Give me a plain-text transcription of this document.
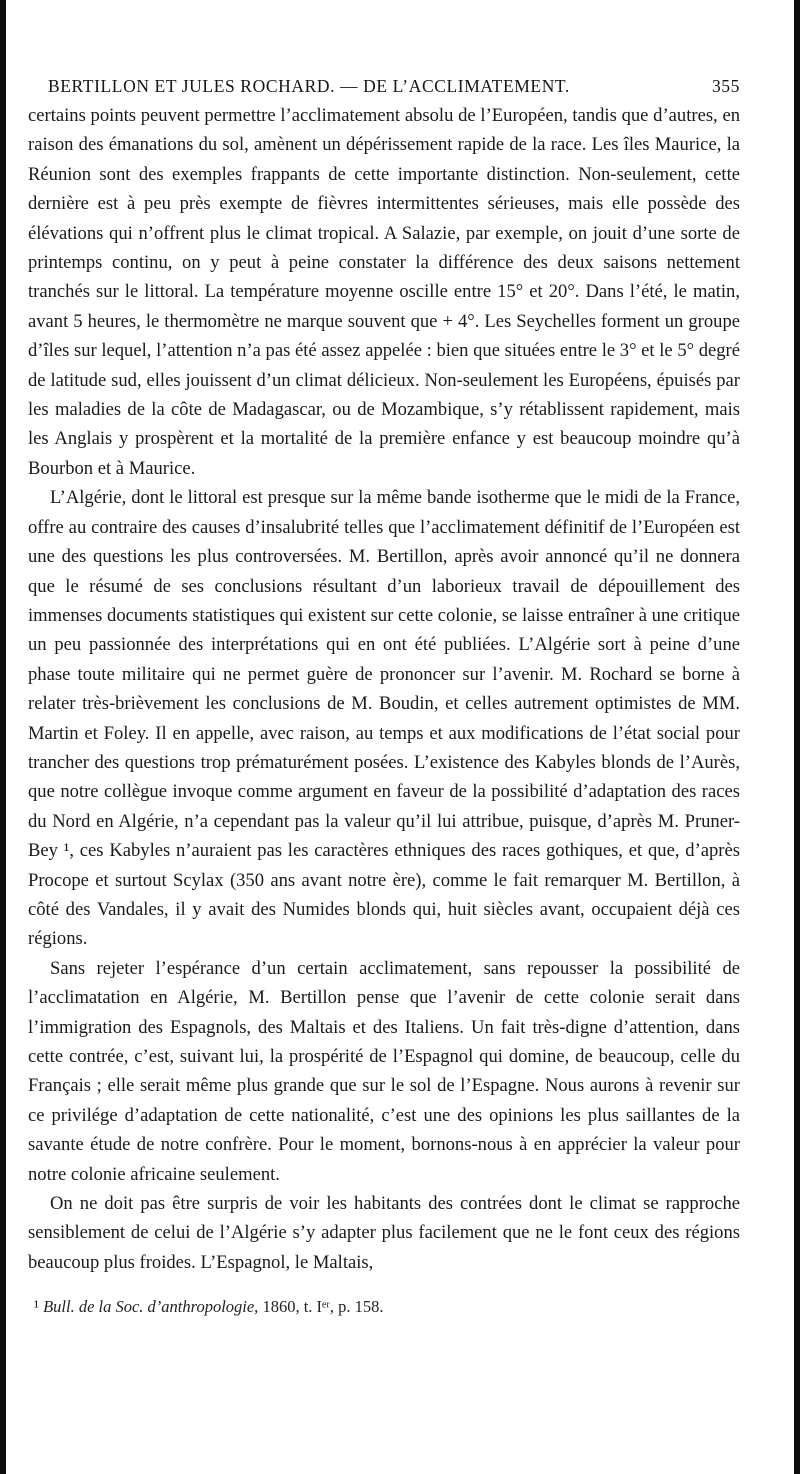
BERTILLON ET JULES ROCHARD. — DE L’ACCLIMATEMENT.	355

certains points peuvent permettre l’acclimatement absolu de l’Européen, tandis que d’autres, en raison des émanations du sol, amènent un dépérissement rapide de la race. Les îles Maurice, la Réunion sont des exemples frappants de cette importante distinction. Non-seulement, cette dernière est à peu près exempte de fièvres intermittentes sérieuses, mais elle possède des élévations qui n’offrent plus le climat tropical. A Salazie, par exemple, on jouit d’une sorte de printemps continu, on y peut à peine constater la différence des deux saisons nettement tranchés sur le littoral. La température moyenne oscille entre 15° et 20°. Dans l’été, le matin, avant 5 heures, le thermomètre ne marque souvent que + 4°. Les Seychelles forment un groupe d’îles sur lequel, l’attention n’a pas été assez appelée : bien que situées entre le 3° et le 5° degré de latitude sud, elles jouissent d’un climat délicieux. Non-seulement les Européens, épuisés par les maladies de la côte de Madagascar, ou de Mozambique, s’y rétablissent rapidement, mais les Anglais y prospèrent et la mortalité de la première enfance y est beaucoup moindre qu’à Bourbon et à Maurice.

L’Algérie, dont le littoral est presque sur la même bande isotherme que le midi de la France, offre au contraire des causes d’insalubrité telles que l’acclimatement définitif de l’Européen est une des questions les plus controversées. M. Bertillon, après avoir annoncé qu’il ne donnera que le résumé de ses conclusions résultant d’un laborieux travail de dépouillement des immenses documents statistiques qui existent sur cette colonie, se laisse entraîner à une critique un peu passionnée des interprétations qui en ont été publiées. L’Algérie sort à peine d’une phase toute militaire qui ne permet guère de prononcer sur l’avenir. M. Rochard se borne à relater très-brièvement les conclusions de M. Boudin, et celles autrement optimistes de MM. Martin et Foley. Il en appelle, avec raison, au temps et aux modifications de l’état social pour trancher des questions trop prématurément posées. L’existence des Kabyles blonds de l’Aurès, que notre collègue invoque comme argument en faveur de la possibilité d’adaptation des races du Nord en Algérie, n’a cependant pas la valeur qu’il lui attribue, puisque, d’après M. Pruner-Bey ¹, ces Kabyles n’auraient pas les caractères ethniques des races gothiques, et que, d’après Procope et surtout Scylax (350 ans avant notre ère), comme le fait remarquer M. Bertillon, à côté des Vandales, il y avait des Numides blonds qui, huit siècles avant, occupaient déjà ces régions.

Sans rejeter l’espérance d’un certain acclimatement, sans repousser la possibilité de l’acclimatation en Algérie, M. Bertillon pense que l’avenir de cette colonie serait dans l’immigration des Espagnols, des Maltais et des Italiens. Un fait très-digne d’attention, dans cette contrée, c’est, suivant lui, la prospérité de l’Espagnol qui domine, de beaucoup, celle du Français ; elle serait même plus grande que sur le sol de l’Espagne. Nous aurons à revenir sur ce privilége d’adaptation de cette nationalité, c’est une des opinions les plus saillantes de la savante étude de notre confrère. Pour le moment, bornons-nous à en apprécier la valeur pour notre colonie africaine seulement.

On ne doit pas être surpris de voir les habitants des contrées dont le climat se rapproche sensiblement de celui de l’Algérie s’y adapter plus facilement que ne le font ceux des régions beaucoup plus froides. L’Espagnol, le Maltais,

¹ Bull. de la Soc. d’anthropologie, 1860, t. Iᵉʳ, p. 158.
